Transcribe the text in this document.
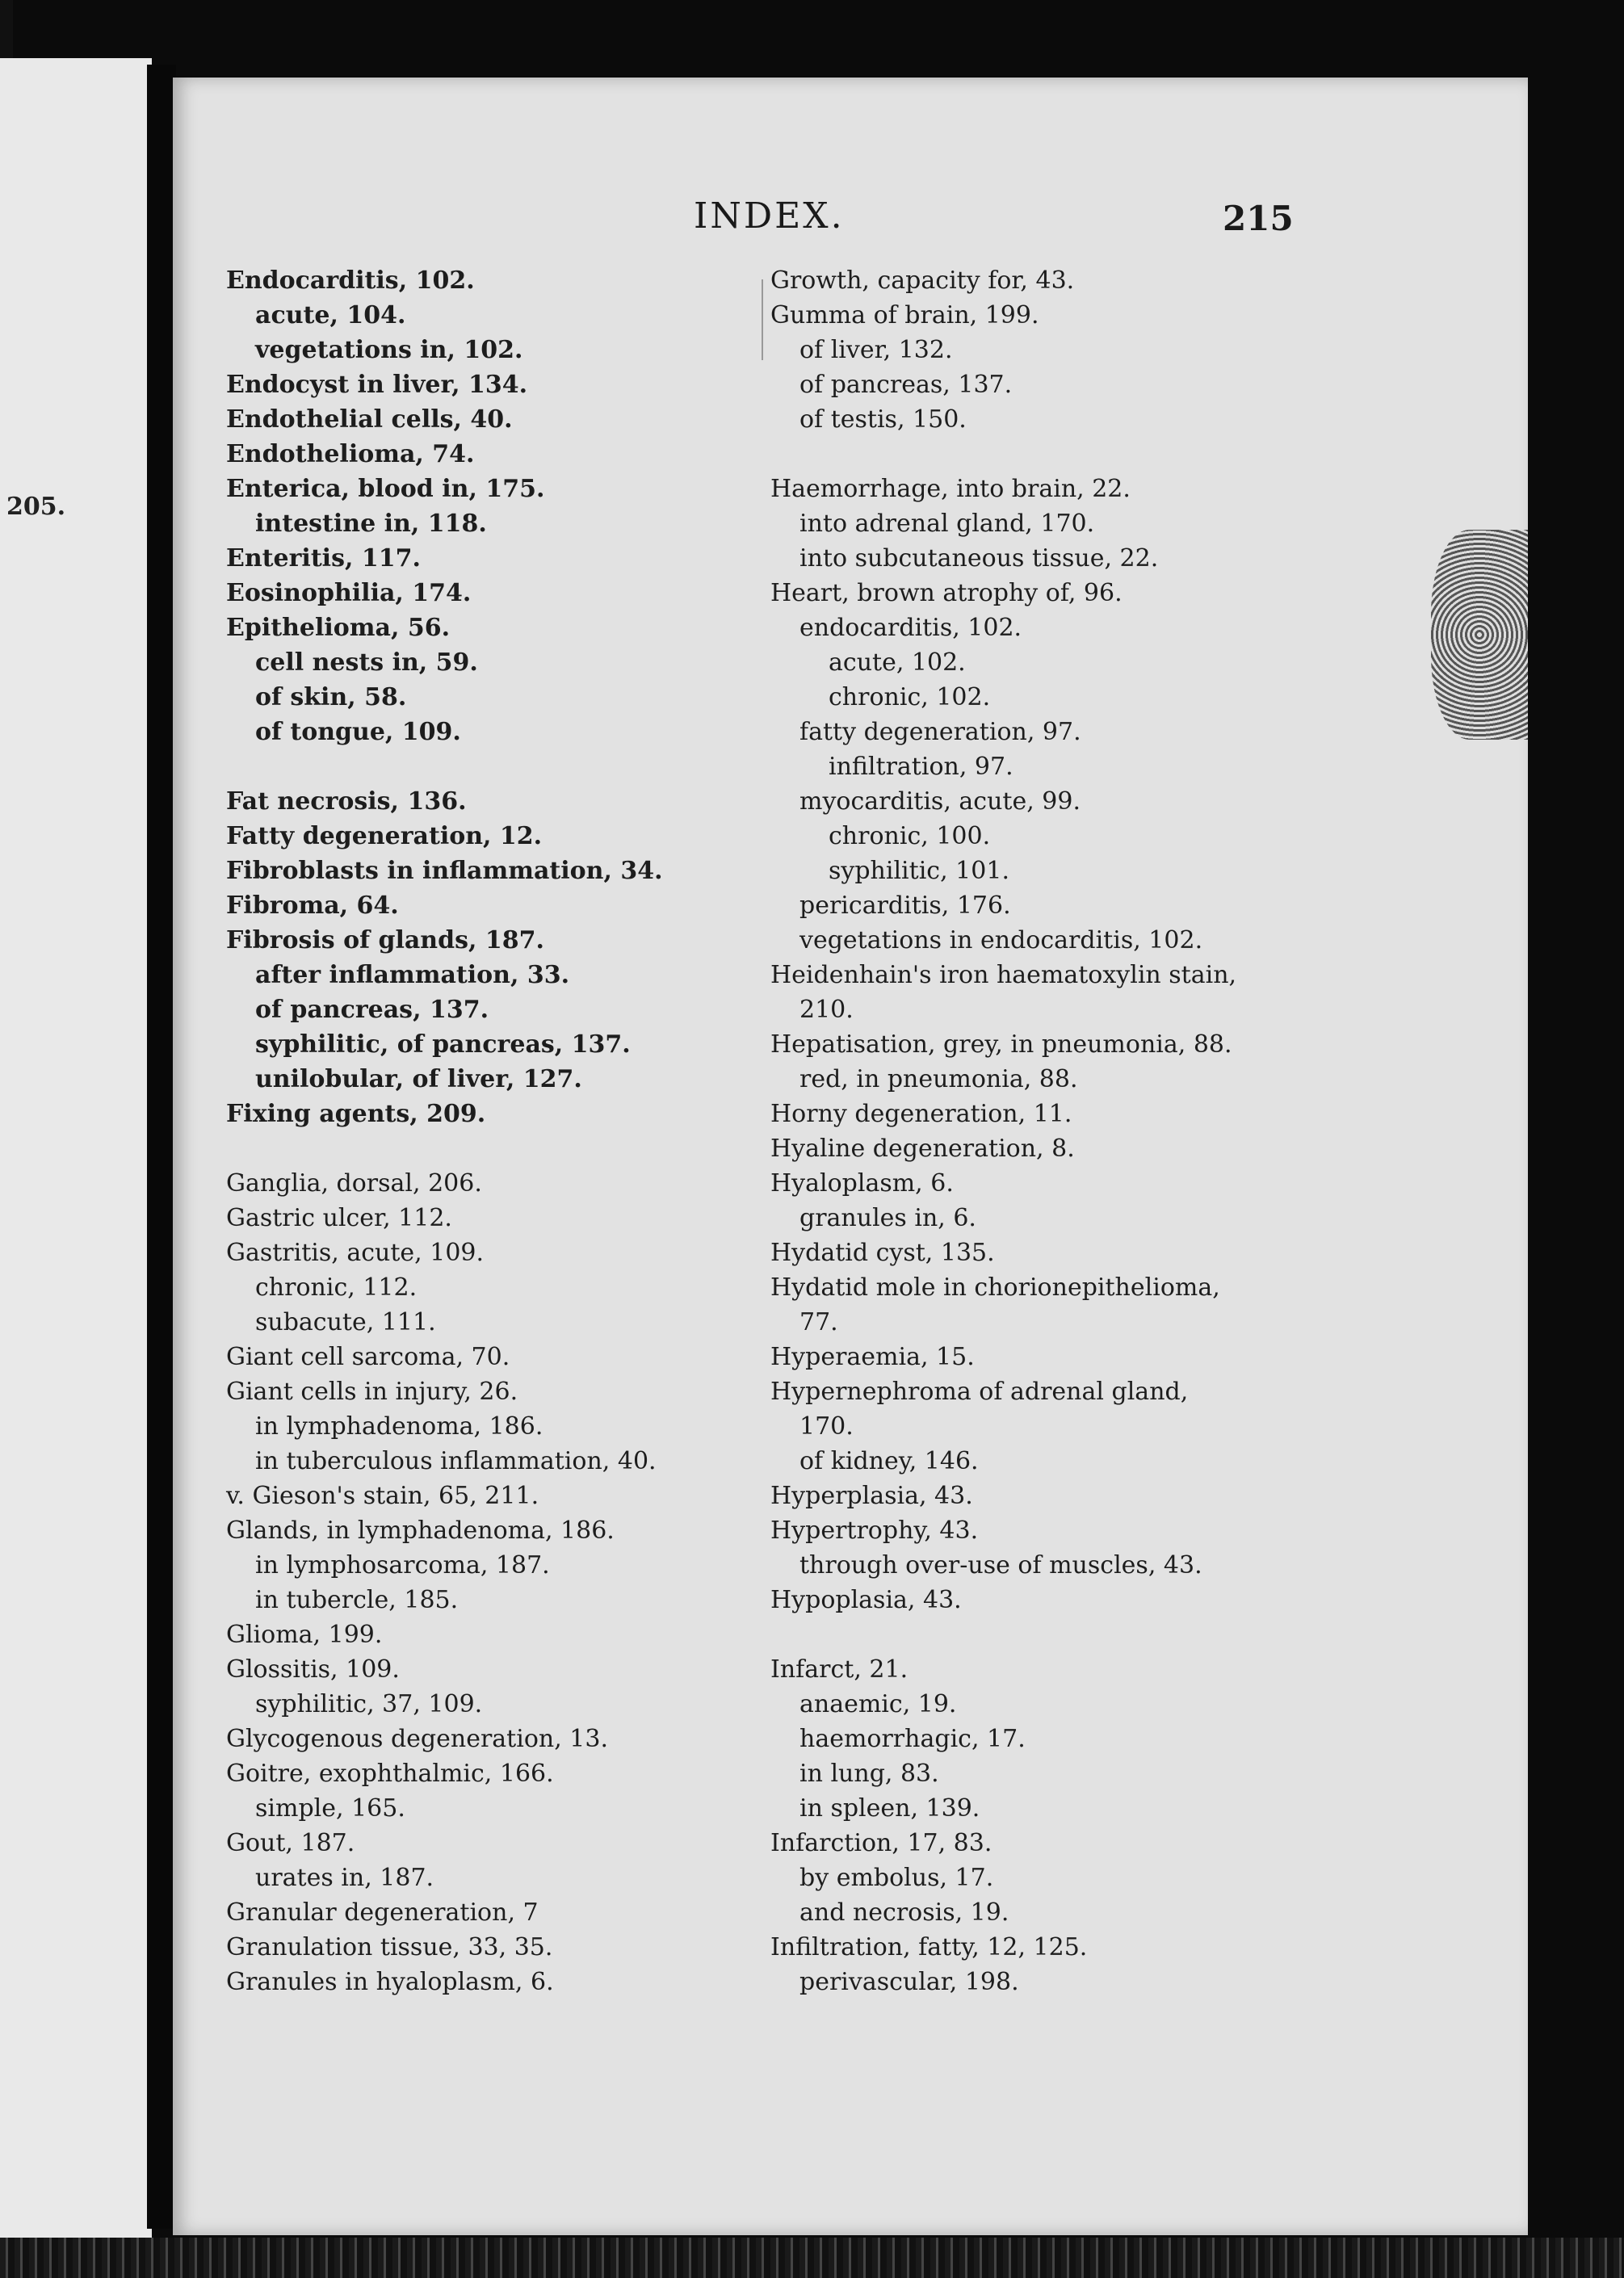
205.
INDEX.	215
Endocarditis, 102.
acute, 104.
vegetations in, 102.
Endocyst in liver, 134.
Endothelial cells, 40.
Endothelioma, 74.
Enterica, blood in, 175.
intestine in, 118.
Enteritis, 117.
Eosinophilia, 174.
Epithelioma, 56.
cell nests in, 59.
of skin, 58.
of tongue, 109.
Fat necrosis, 136.
Fatty degeneration, 12.
Fibroblasts in inflammation, 34.
Fibroma, 64.
Fibrosis of glands, 187.
after inflammation, 33.
of pancreas, 137.
syphilitic, of pancreas, 137.
unilobular, of liver, 127.
Fixing agents, 209.
Ganglia, dorsal, 206.
Gastric ulcer, 112.
Gastritis, acute, 109.
chronic, 112.
subacute, 111.
Giant cell sarcoma, 70.
Giant cells in injury, 26.
in lymphadenoma, 186.
in tuberculous inflammation, 40.
v. Gieson's stain, 65, 211.
Glands, in lymphadenoma, 186.
in lymphosarcoma, 187.
in tubercle, 185.
Glioma, 199.
Glossitis, 109.
syphilitic, 37, 109.
Glycogenous degeneration, 13.
Goitre, exophthalmic, 166.
simple, 165.
Gout, 187.
urates in, 187.
Granular degeneration, 7
Granulation tissue, 33, 35.
Granules in hyaloplasm, 6.
Growth, capacity for, 43.
Gumma of brain, 199.
of liver, 132.
of pancreas, 137.
of testis, 150.
Haemorrhage, into brain, 22.
into adrenal gland, 170.
into subcutaneous tissue, 22.
Heart, brown atrophy of, 96.
endocarditis, 102.
acute, 102.
chronic, 102.
fatty degeneration, 97.
infiltration, 97.
myocarditis, acute, 99.
chronic, 100.
syphilitic, 101.
pericarditis, 176.
vegetations in endocarditis, 102.
Heidenhain's iron haematoxylin stain,
210.
Hepatisation, grey, in pneumonia, 88.
red, in pneumonia, 88.
Horny degeneration, 11.
Hyaline degeneration, 8.
Hyaloplasm, 6.
granules in, 6.
Hydatid cyst, 135.
Hydatid mole in chorionepithelioma,
77.
Hyperaemia, 15.
Hypernephroma of adrenal gland,
170.
of kidney, 146.
Hyperplasia, 43.
Hypertrophy, 43.
through over-use of muscles, 43.
Hypoplasia, 43.
Infarct, 21.
anaemic, 19.
haemorrhagic, 17.
in lung, 83.
in spleen, 139.
Infarction, 17, 83.
by embolus, 17.
and necrosis, 19.
Infiltration, fatty, 12, 125.
perivascular, 198.
